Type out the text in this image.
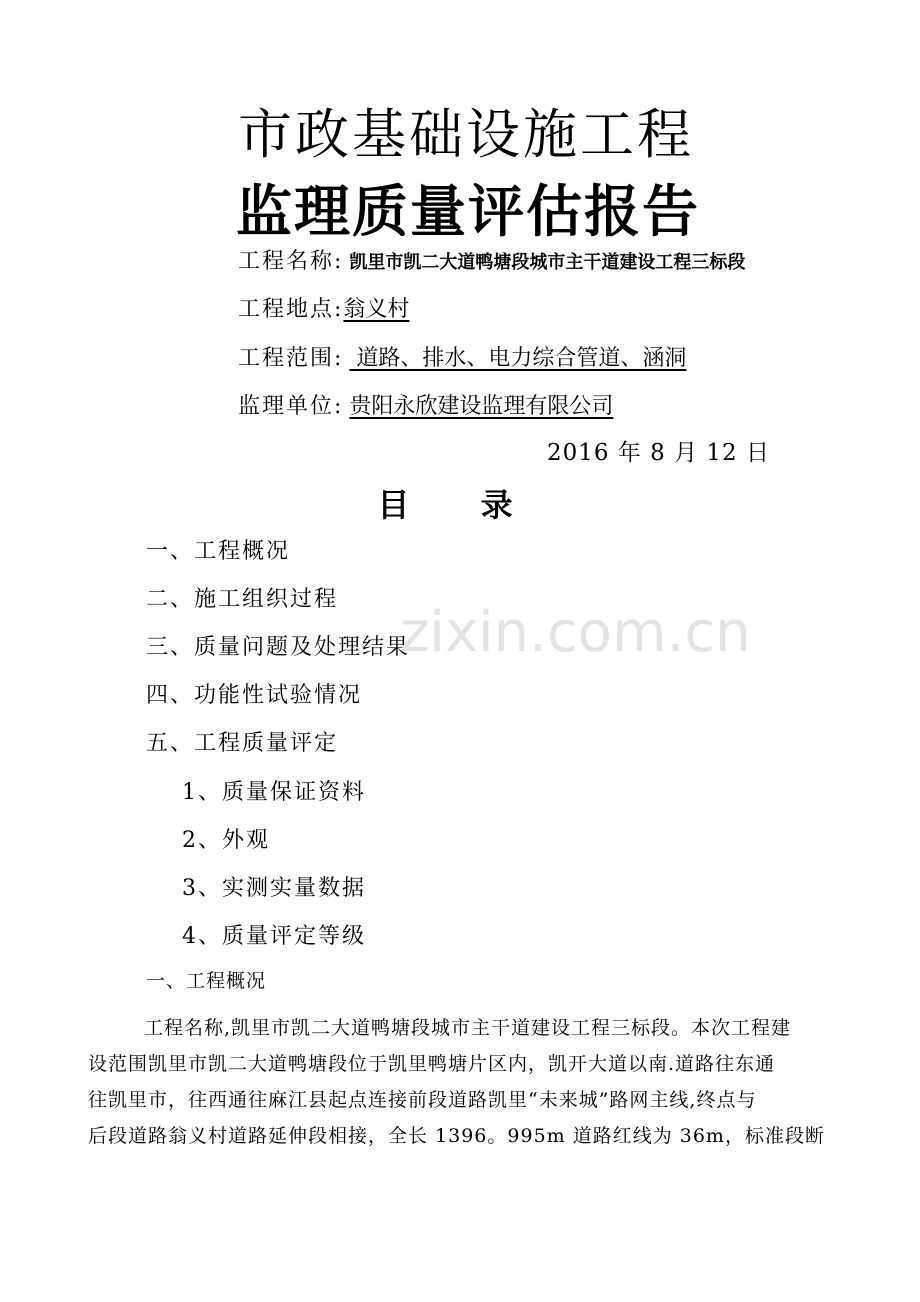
市政基础设施工程
监理质量评估报告
工程名称: 凯里市凯二大道鸭塘段城市主干道建设工程三标段
工程地点:翁义村
工程范围: 道路、排水、电力综合管道、涵洞
监理单位: 贵阳永欣建设监理有限公司
2016 年 8 月 12 日
目 录
一、工程概况
二、施工组织过程
三、质量问题及处理结果
四、功能性试验情况
五、工程质量评定
1、质量保证资料
2、外观
3、实测实量数据
4、质量评定等级
zixin.com.cn
一、工程概况
工程名称,凯里市凯二大道鸭塘段城市主干道建设工程三标段。本次工程建
设范围凯里市凯二大道鸭塘段位于凯里鸭塘片区内，凯开大道以南.道路往东通
往凯里市，往西通往麻江县起点连接前段道路凯里“未来城”路网主线,终点与
后段道路翁义村道路延伸段相接，全长 1396。995m 道路红线为 36m，标准段断
